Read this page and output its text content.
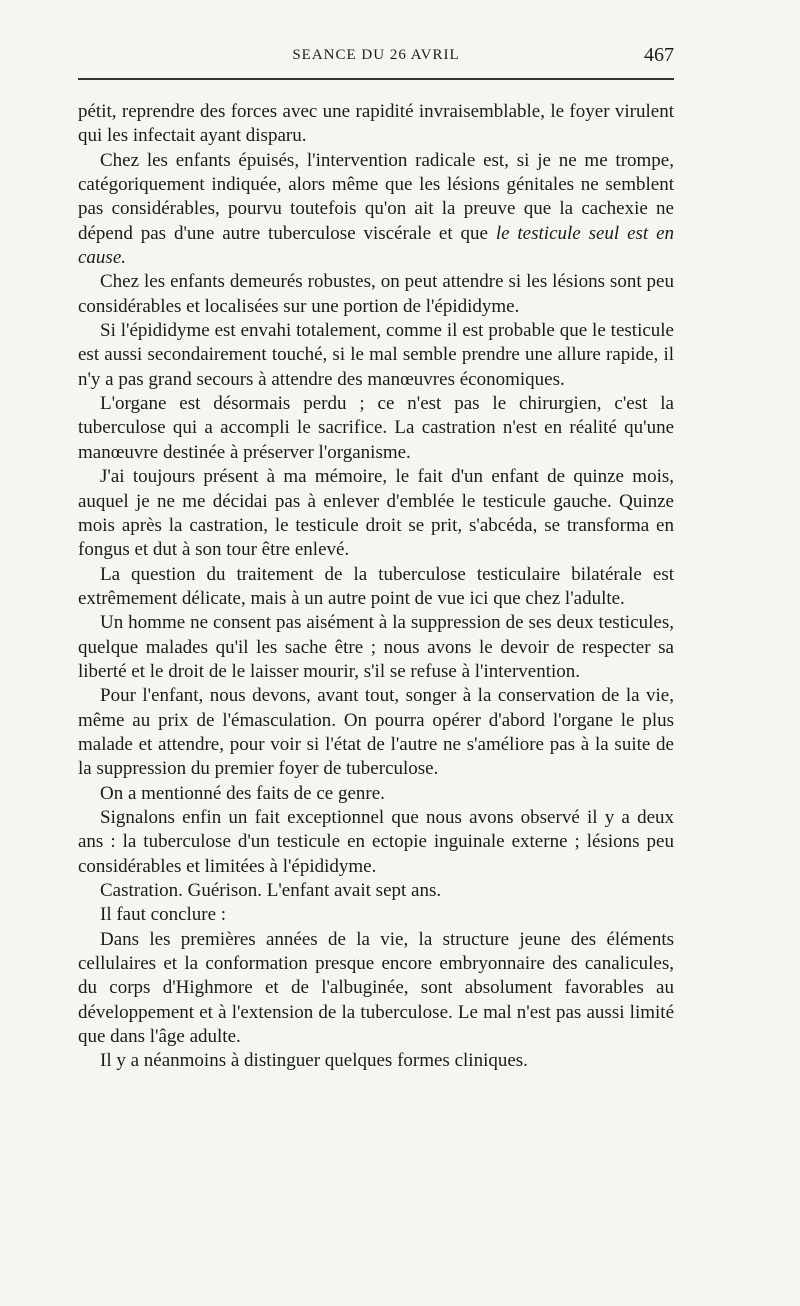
SEANCE DU 26 AVRIL	467

pétit, reprendre des forces avec une rapidité invraisemblable, le foyer virulent qui les infectait ayant disparu.

Chez les enfants épuisés, l'intervention radicale est, si je ne me trompe, catégoriquement indiquée, alors même que les lésions génitales ne semblent pas considérables, pourvu toutefois qu'on ait la preuve que la cachexie ne dépend pas d'une autre tuberculose viscérale et que le testicule seul est en cause.

Chez les enfants demeurés robustes, on peut attendre si les lésions sont peu considérables et localisées sur une portion de l'épididyme.

Si l'épididyme est envahi totalement, comme il est probable que le testicule est aussi secondairement touché, si le mal semble prendre une allure rapide, il n'y a pas grand secours à attendre des manœuvres économiques.

L'organe est désormais perdu ; ce n'est pas le chirurgien, c'est la tuberculose qui a accompli le sacrifice. La castration n'est en réalité qu'une manœuvre destinée à préserver l'organisme.

J'ai toujours présent à ma mémoire, le fait d'un enfant de quinze mois, auquel je ne me décidai pas à enlever d'emblée le testicule gauche. Quinze mois après la castration, le testicule droit se prit, s'abcéda, se transforma en fongus et dut à son tour être enlevé.

La question du traitement de la tuberculose testiculaire bilatérale est extrêmement délicate, mais à un autre point de vue ici que chez l'adulte.

Un homme ne consent pas aisément à la suppression de ses deux testicules, quelque malades qu'il les sache être ; nous avons le devoir de respecter sa liberté et le droit de le laisser mourir, s'il se refuse à l'intervention.

Pour l'enfant, nous devons, avant tout, songer à la conservation de la vie, même au prix de l'émasculation. On pourra opérer d'abord l'organe le plus malade et attendre, pour voir si l'état de l'autre ne s'améliore pas à la suite de la suppression du premier foyer de tuberculose.

On a mentionné des faits de ce genre.

Signalons enfin un fait exceptionnel que nous avons observé il y a deux ans : la tuberculose d'un testicule en ectopie inguinale externe ; lésions peu considérables et limitées à l'épididyme.

Castration. Guérison. L'enfant avait sept ans.

Il faut conclure :

Dans les premières années de la vie, la structure jeune des éléments cellulaires et la conformation presque encore embryonnaire des canalicules, du corps d'Highmore et de l'albuginée, sont absolument favorables au développement et à l'extension de la tuberculose. Le mal n'est pas aussi limité que dans l'âge adulte.

Il y a néanmoins à distinguer quelques formes cliniques.
